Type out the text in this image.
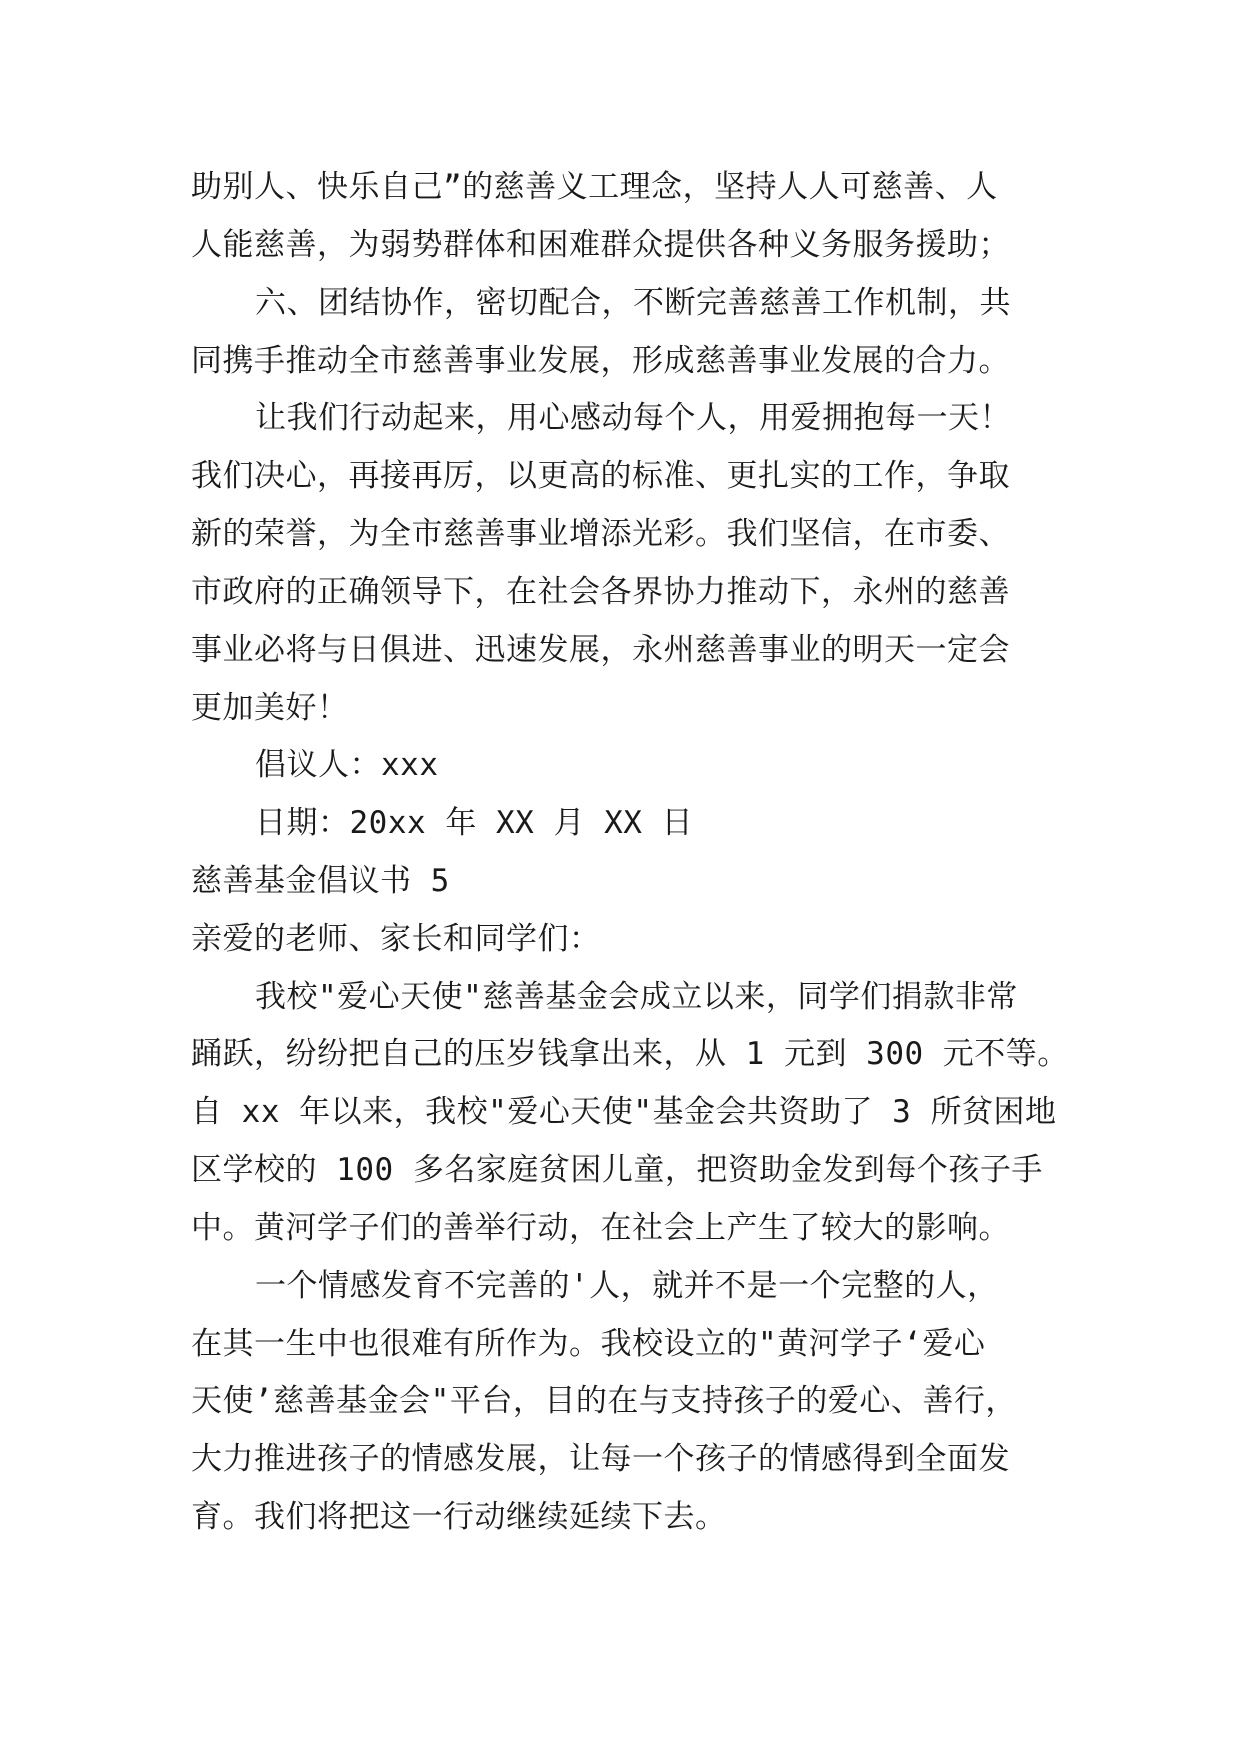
助别人、快乐自己”的慈善义工理念，坚持人人可慈善、人
人能慈善，为弱势群体和困难群众提供各种义务服务援助；
六、团结协作，密切配合，不断完善慈善工作机制，共
同携手推动全市慈善事业发展，形成慈善事业发展的合力。
让我们行动起来，用心感动每个人，用爱拥抱每一天！
我们决心，再接再厉，以更高的标准、更扎实的工作，争取
新的荣誉，为全市慈善事业增添光彩。我们坚信，在市委、
市政府的正确领导下，在社会各界协力推动下，永州的慈善
事业必将与日俱进、迅速发展，永州慈善事业的明天一定会
更加美好！
倡议人：xxx
日期：20xx 年 XX 月 XX 日
慈善基金倡议书 5
亲爱的老师、家长和同学们：
我校"爱心天使"慈善基金会成立以来，同学们捐款非常
踊跃，纷纷把自己的压岁钱拿出来，从 1 元到 300 元不等。
自 xx 年以来，我校"爱心天使"基金会共资助了 3 所贫困地
区学校的 100 多名家庭贫困儿童，把资助金发到每个孩子手
中。黄河学子们的善举行动，在社会上产生了较大的影响。
一个情感发育不完善的'人，就并不是一个完整的人，
在其一生中也很难有所作为。我校设立的"黄河学子‘爱心
天使’慈善基金会"平台，目的在与支持孩子的爱心、善行，
大力推进孩子的情感发展，让每一个孩子的情感得到全面发
育。我们将把这一行动继续延续下去。
